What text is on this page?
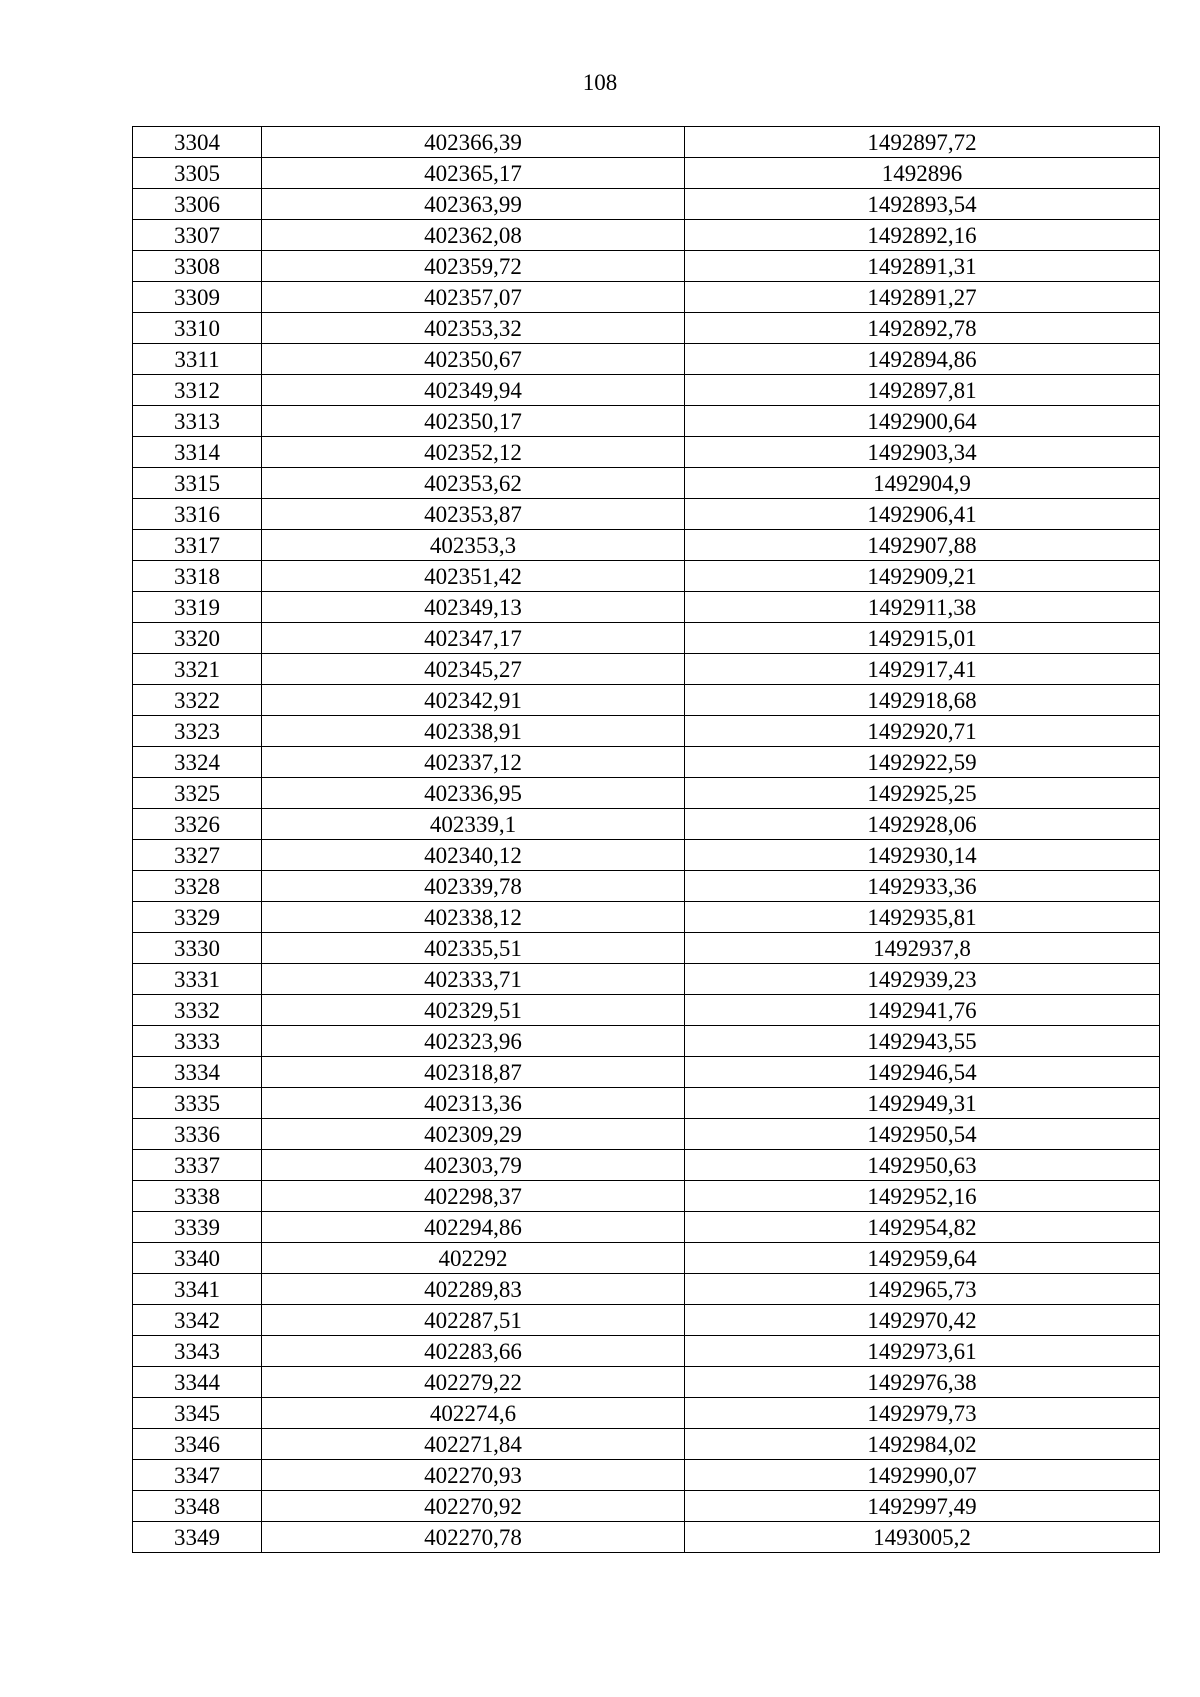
108
3304	402366,39	1492897,72
3305	402365,17	1492896
3306	402363,99	1492893,54
3307	402362,08	1492892,16
3308	402359,72	1492891,31
3309	402357,07	1492891,27
3310	402353,32	1492892,78
3311	402350,67	1492894,86
3312	402349,94	1492897,81
3313	402350,17	1492900,64
3314	402352,12	1492903,34
3315	402353,62	1492904,9
3316	402353,87	1492906,41
3317	402353,3	1492907,88
3318	402351,42	1492909,21
3319	402349,13	1492911,38
3320	402347,17	1492915,01
3321	402345,27	1492917,41
3322	402342,91	1492918,68
3323	402338,91	1492920,71
3324	402337,12	1492922,59
3325	402336,95	1492925,25
3326	402339,1	1492928,06
3327	402340,12	1492930,14
3328	402339,78	1492933,36
3329	402338,12	1492935,81
3330	402335,51	1492937,8
3331	402333,71	1492939,23
3332	402329,51	1492941,76
3333	402323,96	1492943,55
3334	402318,87	1492946,54
3335	402313,36	1492949,31
3336	402309,29	1492950,54
3337	402303,79	1492950,63
3338	402298,37	1492952,16
3339	402294,86	1492954,82
3340	402292	1492959,64
3341	402289,83	1492965,73
3342	402287,51	1492970,42
3343	402283,66	1492973,61
3344	402279,22	1492976,38
3345	402274,6	1492979,73
3346	402271,84	1492984,02
3347	402270,93	1492990,07
3348	402270,92	1492997,49
3349	402270,78	1493005,2
